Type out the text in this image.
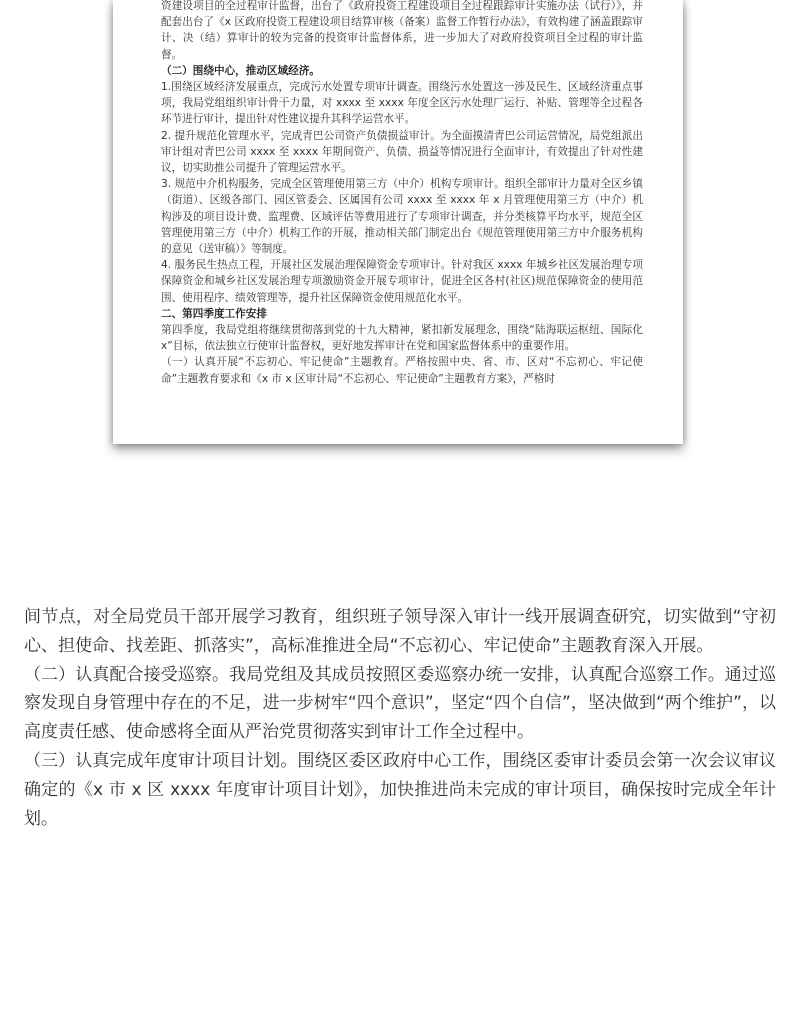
资建设项目的全过程审计监督，出台了《政府投资工程建设项目全过程跟踪审计实施办法（试行）》，并配套出台了《x 区政府投资工程建设项目结算审核（备案）监督工作暂行办法》，有效构建了涵盖跟踪审计、决（结）算审计的较为完备的投资审计监督体系，进一步加大了对政府投资项目全过程的审计监督。

（二）围绕中心，推动区域经济。

1.围绕区域经济发展重点，完成污水处置专项审计调查。围绕污水处置这一涉及民生、区域经济重点事项，我局党组组织审计骨干力量，对 xxxx 至 xxxx 年度全区污水处理厂运行、补贴、管理等全过程各环节进行审计，提出针对性建议提升其科学运营水平。

2. 提升规范化管理水平，完成青巴公司资产负债损益审计。为全面摸清青巴公司运营情况，局党组派出审计组对青巴公司 xxxx 至 xxxx 年期间资产、负债、损益等情况进行全面审计，有效提出了针对性建议，切实助推公司提升了管理运营水平。

3. 规范中介机构服务，完成全区管理使用第三方（中介）机构专项审计。组织全部审计力量对全区乡镇（街道）、区级各部门、园区管委会、区属国有公司 xxxx 至 xxxx 年 x 月管理使用第三方（中介）机构涉及的项目设计费、监理费、区域评估等费用进行了专项审计调查，并分类核算平均水平，规范全区管理使用第三方（中介）机构工作的开展，推动相关部门制定出台《规范管理使用第三方中介服务机构的意见（送审稿）》等制度。

4. 服务民生热点工程，开展社区发展治理保障资金专项审计。针对我区 xxxx 年城乡社区发展治理专项保障资金和城乡社区发展治理专项激励资金开展专项审计，促进全区各村(社区)规范保障资金的使用范围、使用程序、绩效管理等，提升社区保障资金使用规范化水平。

二、第四季度工作安排

第四季度，我局党组将继续贯彻落到党的十九大精神，紧扣新发展理念，围绕“陆海联运枢纽、国际化 x”目标，依法独立行使审计监督权，更好地发挥审计在党和国家监督体系中的重要作用。

（一）认真开展“不忘初心、牢记使命”主题教育。严格按照中央、省、市、区对“不忘初心、牢记使命”主题教育要求和《x 市 x 区审计局“不忘初心、牢记使命”主题教育方案》，严格时

间节点，对全局党员干部开展学习教育，组织班子领导深入审计一线开展调查研究，切实做到“守初心、担使命、找差距、抓落实”，高标准推进全局“不忘初心、牢记使命”主题教育深入开展。

（二）认真配合接受巡察。我局党组及其成员按照区委巡察办统一安排，认真配合巡察工作。通过巡察发现自身管理中存在的不足，进一步树牢“四个意识”，坚定“四个自信”，坚决做到“两个维护”，以高度责任感、使命感将全面从严治党贯彻落实到审计工作全过程中。

（三）认真完成年度审计项目计划。围绕区委区政府中心工作，围绕区委审计委员会第一次会议审议确定的《x 市 x 区 xxxx 年度审计项目计划》，加快推进尚未完成的审计项目，确保按时完成全年计划。
